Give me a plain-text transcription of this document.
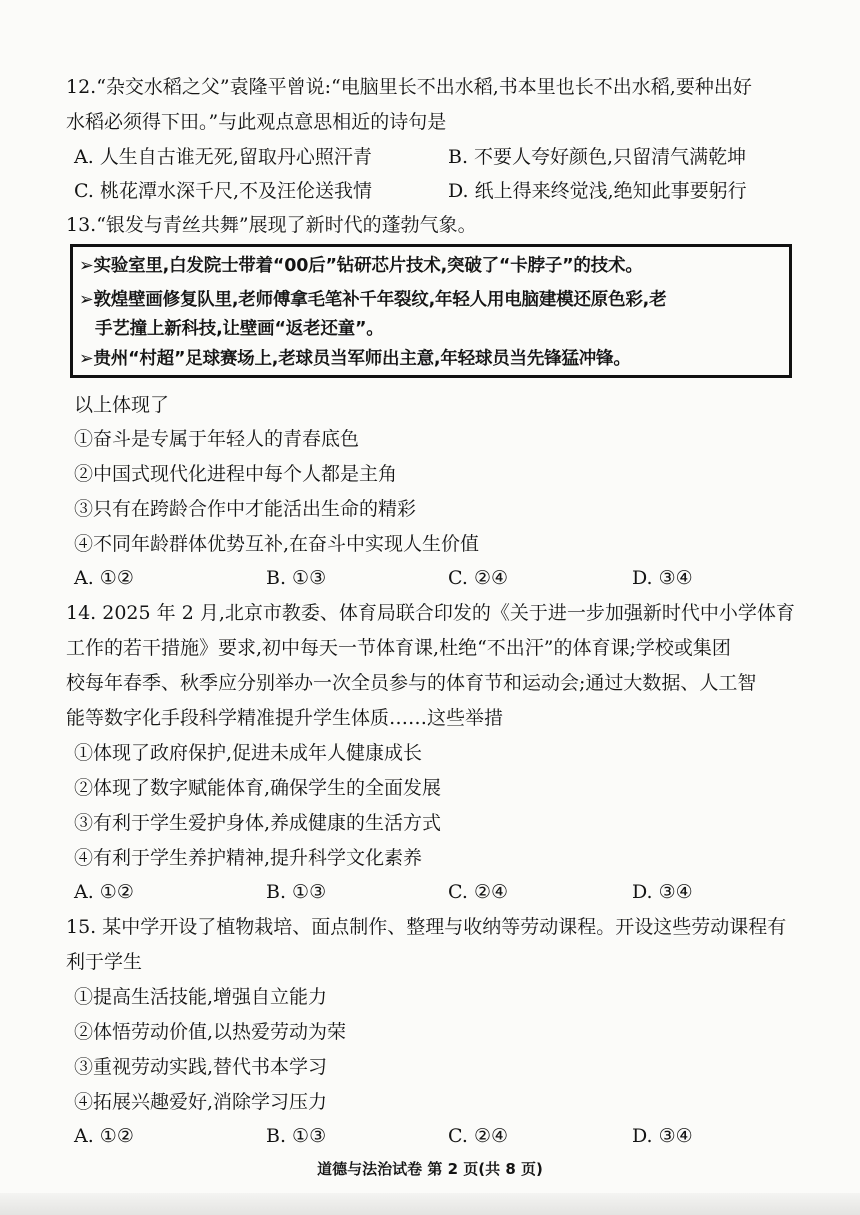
12.“杂交水稻之父”袁隆平曾说:“电脑里长不出水稻,书本里也长不出水稻,要种出好
水稻必须得下田。”与此观点意思相近的诗句是
A. 人生自古谁无死,留取丹心照汗青	B. 不要人夸好颜色,只留清气满乾坤
C. 桃花潭水深千尺,不及汪伦送我情	D. 纸上得来终觉浅,绝知此事要躬行
13.“银发与青丝共舞”展现了新时代的蓬勃气象。
➢实验室里,白发院士带着“00后”钻研芯片技术,突破了“卡脖子”的技术。
➢敦煌壁画修复队里,老师傅拿毛笔补千年裂纹,年轻人用电脑建模还原色彩,老
手艺撞上新科技,让壁画“返老还童”。
➢贵州“村超”足球赛场上,老球员当军师出主意,年轻球员当先锋猛冲锋。
以上体现了
①奋斗是专属于年轻人的青春底色
②中国式现代化进程中每个人都是主角
③只有在跨龄合作中才能活出生命的精彩
④不同年龄群体优势互补,在奋斗中实现人生价值
A. ①②	B. ①③	C. ②④	D. ③④
14. 2025 年 2 月,北京市教委、体育局联合印发的《关于进一步加强新时代中小学体育
工作的若干措施》要求,初中每天一节体育课,杜绝“不出汗”的体育课;学校或集团
校每年春季、秋季应分别举办一次全员参与的体育节和运动会;通过大数据、人工智
能等数字化手段科学精准提升学生体质……这些举措
①体现了政府保护,促进未成年人健康成长
②体现了数字赋能体育,确保学生的全面发展
③有利于学生爱护身体,养成健康的生活方式
④有利于学生养护精神,提升科学文化素养
A. ①②	B. ①③	C. ②④	D. ③④
15. 某中学开设了植物栽培、面点制作、整理与收纳等劳动课程。开设这些劳动课程有
利于学生
①提高生活技能,增强自立能力
②体悟劳动价值,以热爱劳动为荣
③重视劳动实践,替代书本学习
④拓展兴趣爱好,消除学习压力
A. ①②	B. ①③	C. ②④	D. ③④
道德与法治试卷 第 2 页(共 8 页)
